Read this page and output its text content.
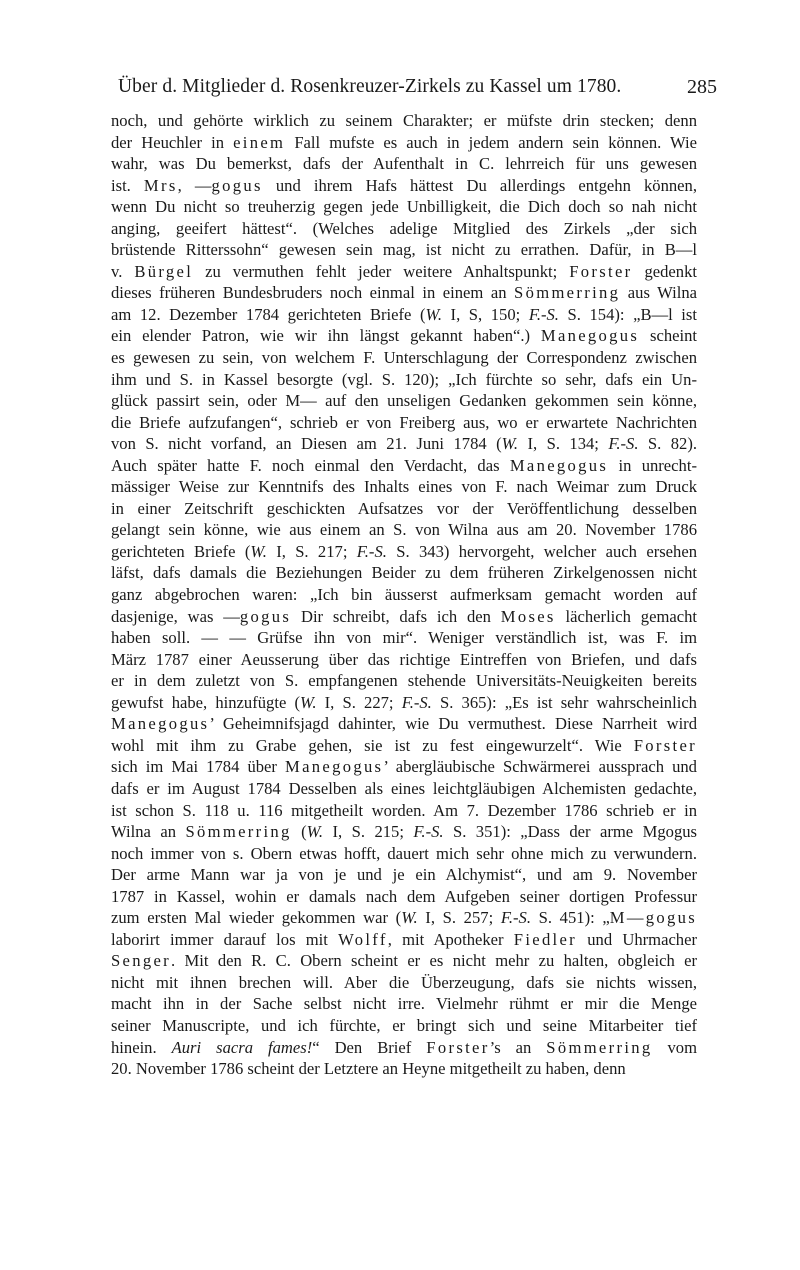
Über d. Mitglieder d. Rosenkreuzer-Zirkels zu Kassel um 1780.	285
noch, und gehörte wirklich zu seinem Charakter; er müfste drin stecken; denn
der Heuchler in einem Fall mufste es auch in jedem andern sein können. Wie
wahr, was Du bemerkst, dafs der Aufenthalt in C. lehrreich für uns gewesen
ist. Mrs, —gogus und ihrem Hafs hättest Du allerdings entgehn können,
wenn Du nicht so treuherzig gegen jede Unbilligkeit, die Dich doch so nah nicht
anging, geeifert hättest“. (Welches adelige Mitglied des Zirkels „der sich
brüstende Ritterssohn“ gewesen sein mag, ist nicht zu errathen. Dafür, in B—l
v. Bürgel zu vermuthen fehlt jeder weitere Anhaltspunkt; Forster gedenkt
dieses früheren Bundesbruders noch einmal in einem an Sömmerring aus Wilna
am 12. Dezember 1784 gerichteten Briefe (W. I, S, 150; F.-S. S. 154): „B—l ist
ein elender Patron, wie wir ihn längst gekannt haben“.) Manegogus scheint
es gewesen zu sein, von welchem F. Unterschlagung der Correspondenz zwischen
ihm und S. in Kassel besorgte (vgl. S. 120); „Ich fürchte so sehr, dafs ein Un-
glück passirt sein, oder M— auf den unseligen Gedanken gekommen sein könne,
die Briefe aufzufangen“, schrieb er von Freiberg aus, wo er erwartete Nachrichten
von S. nicht vorfand, an Diesen am 21. Juni 1784 (W. I, S. 134; F.-S. S. 82).
Auch später hatte F. noch einmal den Verdacht, das Manegogus in unrecht-
mässiger Weise zur Kenntnifs des Inhalts eines von F. nach Weimar zum Druck
in einer Zeitschrift geschickten Aufsatzes vor der Veröffentlichung desselben
gelangt sein könne, wie aus einem an S. von Wilna aus am 20. November 1786
gerichteten Briefe (W. I, S. 217; F.-S. S. 343) hervorgeht, welcher auch ersehen
läfst, dafs damals die Beziehungen Beider zu dem früheren Zirkelgenossen nicht
ganz abgebrochen waren: „Ich bin äusserst aufmerksam gemacht worden auf
dasjenige, was —gogus Dir schreibt, dafs ich den Moses lächerlich gemacht
haben soll. — — Grüfse ihn von mir“. Weniger verständlich ist, was F. im
März 1787 einer Aeusserung über das richtige Eintreffen von Briefen, und dafs
er in dem zuletzt von S. empfangenen stehende Universitäts-Neuigkeiten bereits
gewufst habe, hinzufügte (W. I, S. 227; F.-S. S. 365): „Es ist sehr wahrscheinlich
Manegogus’ Geheimnifsjagd dahinter, wie Du vermuthest. Diese Narrheit wird
wohl mit ihm zu Grabe gehen, sie ist zu fest eingewurzelt“. Wie Forster
sich im Mai 1784 über Manegogus’ abergläubische Schwärmerei aussprach und
dafs er im August 1784 Desselben als eines leichtgläubigen Alchemisten gedachte,
ist schon S. 118 u. 116 mitgetheilt worden. Am 7. Dezember 1786 schrieb er in
Wilna an Sömmerring (W. I, S. 215; F.-S. S. 351): „Dass der arme Mgogus
noch immer von s. Obern etwas hofft, dauert mich sehr ohne mich zu verwundern.
Der arme Mann war ja von je und je ein Alchymist“, und am 9. November
1787 in Kassel, wohin er damals nach dem Aufgeben seiner dortigen Professur
zum ersten Mal wieder gekommen war (W. I, S. 257; F.-S. S. 451): „M—gogus
laborirt immer darauf los mit Wolff, mit Apotheker Fiedler und Uhrmacher
Senger. Mit den R. C. Obern scheint er es nicht mehr zu halten, obgleich er
nicht mit ihnen brechen will. Aber die Überzeugung, dafs sie nichts wissen,
macht ihn in der Sache selbst nicht irre. Vielmehr rühmt er mir die Menge
seiner Manuscripte, und ich fürchte, er bringt sich und seine Mitarbeiter tief
hinein. Auri sacra fames!“ Den Brief Forster’s an Sömmerring vom
20. November 1786 scheint der Letztere an Heyne mitgetheilt zu haben, denn
